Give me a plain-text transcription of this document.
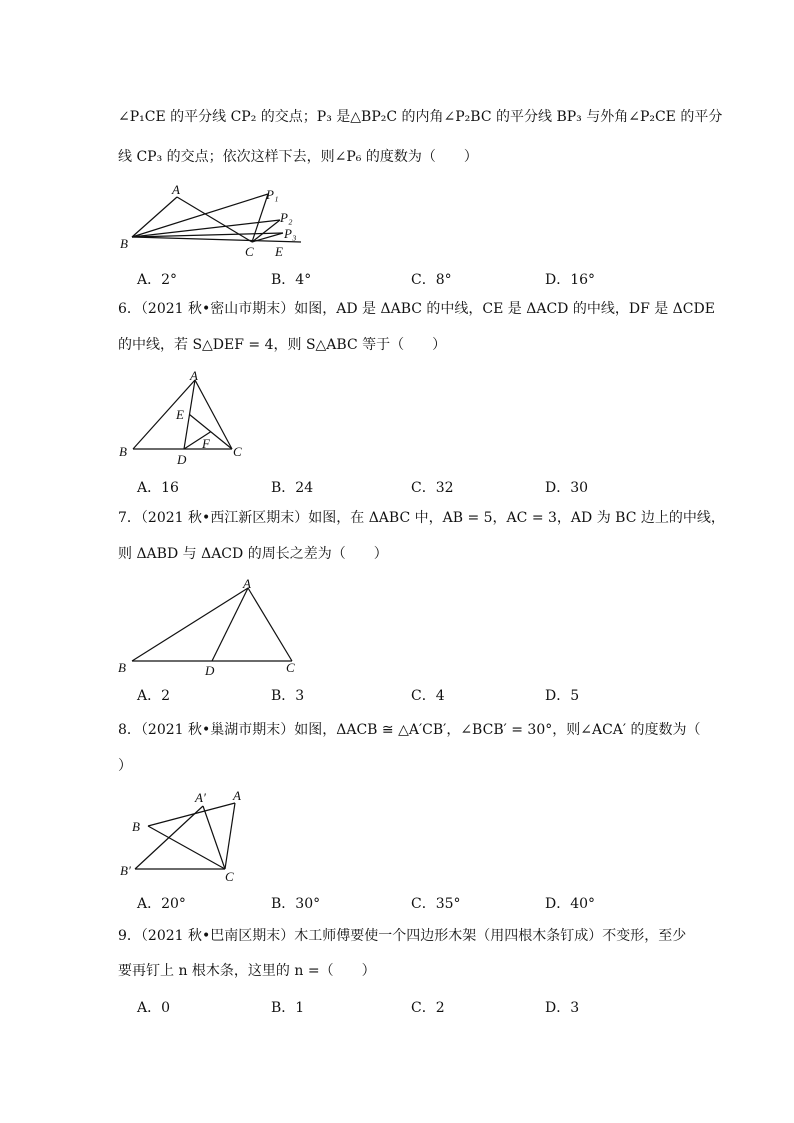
∠P₁CE 的平分线 CP₂ 的交点；P₃ 是△BP₂C 的内角∠P₂BC 的平分线 BP₃ 与外角∠P₂CE 的平分
线 CP₃ 的交点；依次这样下去，则∠P₆ 的度数为（　　）
A
B
C E
P₁
P₂
P₃
A．2°	B．4°	C．8°	D．16°
6．（2021 秋•密山市期末）如图，AD 是 ΔABC 的中线，CE 是 ΔACD 的中线，DF 是 ΔCDE
的中线，若 S△DEF = 4，则 S△ABC 等于（　　）
A
B	C
D
E
F
A．16	B．24	C．32	D．30
7．（2021 秋•西江新区期末）如图，在 ΔABC 中，AB = 5，AC = 3，AD 为 BC 边上的中线，
则 ΔABD 与 ΔACD 的周长之差为（　　）
A
B	C
D
A．2	B．3	C．4	D．5
8．（2021 秋•巢湖市期末）如图，ΔACB ≅ △A′CB′，∠BCB′ = 30°，则∠ACA′ 的度数为（
）
A
A′
B
B′	C
A．20°	B．30°	C．35°	D．40°
9．（2021 秋•巴南区期末）木工师傅要使一个四边形木架（用四根木条钉成）不变形，至少
要再钉上 n 根木条，这里的 n =（　　）
A．0	B．1	C．2	D．3
